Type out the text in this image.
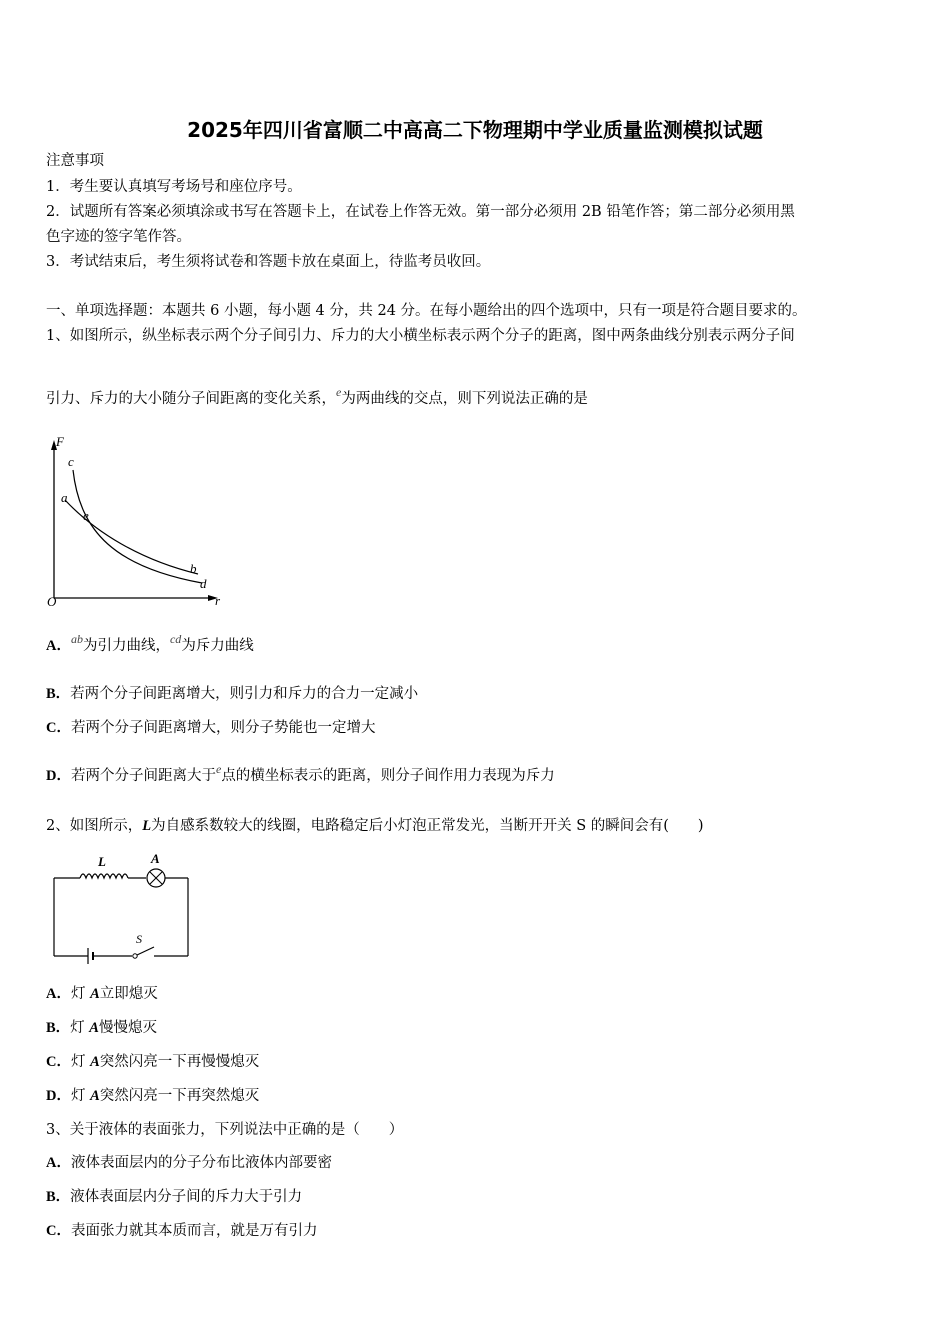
2025年四川省富顺二中高高二下物理期中学业质量监测模拟试题
注意事项
1．考生要认真填写考场号和座位序号。
2．试题所有答案必须填涂或书写在答题卡上，在试卷上作答无效。第一部分必须用 2B 铅笔作答；第二部分必须用黑
色字迹的签字笔作答。
3．考试结束后，考生须将试卷和答题卡放在桌面上，待监考员收回。
一、单项选择题：本题共 6 小题，每小题 4 分，共 24 分。在每小题给出的四个选项中，只有一项是符合题目要求的。
1、如图所示，纵坐标表示两个分子间引力、斥力的大小横坐标表示两个分子的距离，图中两条曲线分别表示两分子间
引力、斥力的大小随分子间距离的变化关系，$^e$为两曲线的交点，则下列说法正确的是
F
r
O
c
a
e
b
d
A．$^{ab}$为引力曲线，$^{cd}$为斥力曲线
B．若两个分子间距离增大，则引力和斥力的合力一定减小
C．若两个分子间距离增大，则分子势能也一定增大
D．若两个分子间距离大于$^e$点的横坐标表示的距离，则分子间作用力表现为斥力
2、如图所示，L为自感系数较大的线圈，电路稳定后小灯泡正常发光，当断开开关 S 的瞬间会有(　　)
L	A
S
A．灯 A立即熄灭
B．灯 A慢慢熄灭
C．灯 A突然闪亮一下再慢慢熄灭
D．灯 A突然闪亮一下再突然熄灭
3、关于液体的表面张力，下列说法中正确的是（　　）
A．液体表面层内的分子分布比液体内部要密
B．液体表面层内分子间的斥力大于引力
C．表面张力就其本质而言，就是万有引力
